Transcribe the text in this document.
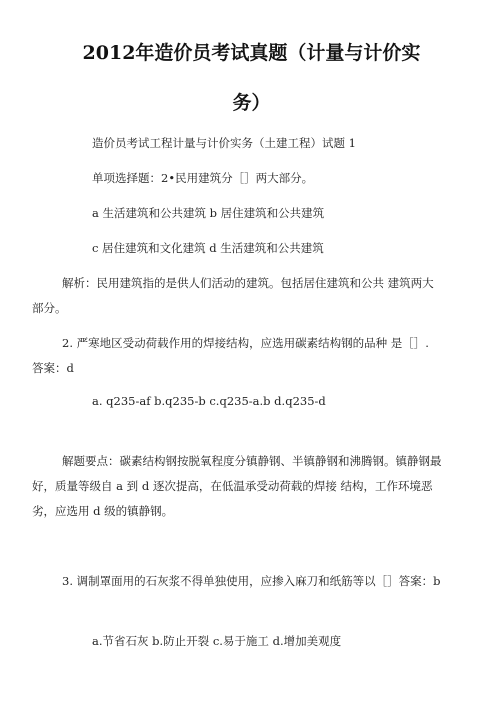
2012年造价员考试真题（计量与计价实
务）
造价员考试工程计量与计价实务（土建工程）试题 1
单项选择题：2•民用建筑分［］两大部分。
a 生活建筑和公共建筑 b 居住建筑和公共建筑
c 居住建筑和文化建筑 d 生活建筑和公共建筑
解析：民用建筑指的是供人们活动的建筑。包括居住建筑和公共 建筑两大部分。
2. 严寒地区受动荷载作用的焊接结构，应选用碳素结构钢的品种 是［］. 答案：d
a. q235-af b.q235-b c.q235-a.b d.q235-d
解题要点：碳素结构钢按脱氧程度分镇静钢、半镇静钢和沸腾钢。镇静钢最好，质量等级自 a 到 d 逐次提高，在低温承受动荷载的焊接 结构，工作环境恶劣，应选用 d 级的镇静钢。
3. 调制罩面用的石灰浆不得单独使用，应掺入麻刀和纸筋等以［］答案：b
a.节省石灰 b.防止开裂 c.易于施工 d.增加美观度
